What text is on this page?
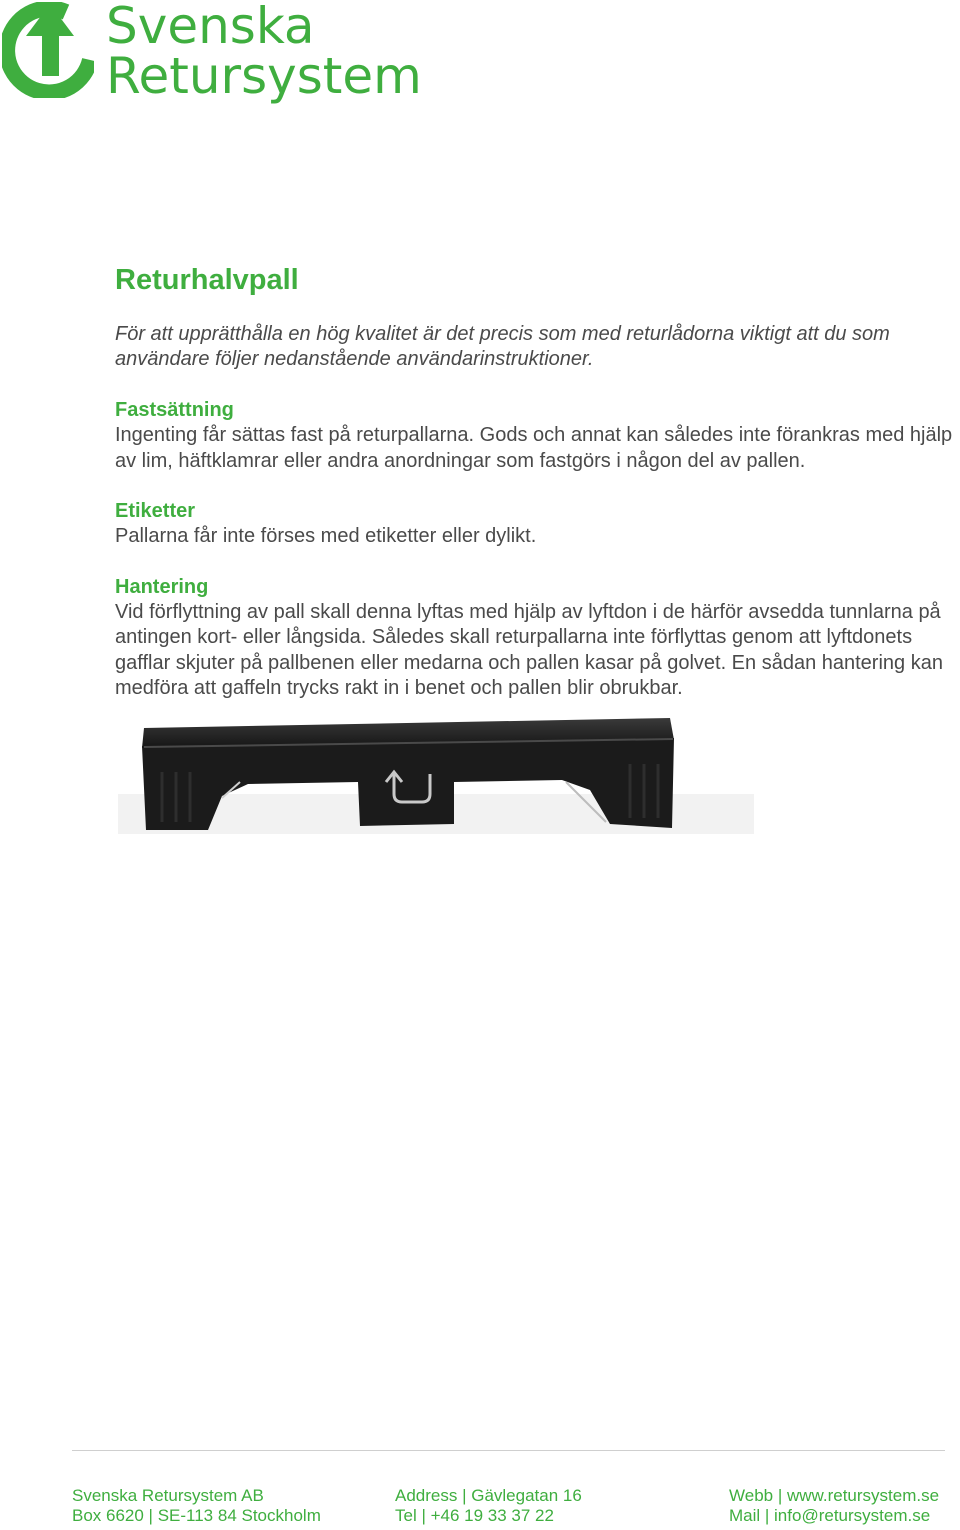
Svenska
Retursystem
Returhalvpall

För att upprätthålla en hög kvalitet är det precis som med returlådorna viktigt att du som användare följer nedanstående användarinstruktioner.

Fastsättning

Ingenting får sättas fast på returpallarna. Gods och annat kan således inte förankras med hjälp av lim, häftklamrar eller andra anordningar som fastgörs i någon del av pallen.

Etiketter

Pallarna får inte förses med etiketter eller dylikt.

Hantering

Vid förflyttning av pall skall denna lyftas med hjälp av lyftdon i de härför avsedda tunnlarna på antingen kort- eller långsida. Således skall returpallarna inte förflyttas genom att lyftdonets gafflar skjuter på pallbenen eller medarna och pallen kasar på golvet. En sådan hantering kan medföra att gaffeln trycks rakt in i benet och pallen blir obrukbar.

Svenska Retursystem AB
Box 6620 | SE-113 84 Stockholm
Address | Gävlegatan 16
Tel | +46 19 33 37 22
Webb | www.retursystem.se
Mail | info@retursystem.se
